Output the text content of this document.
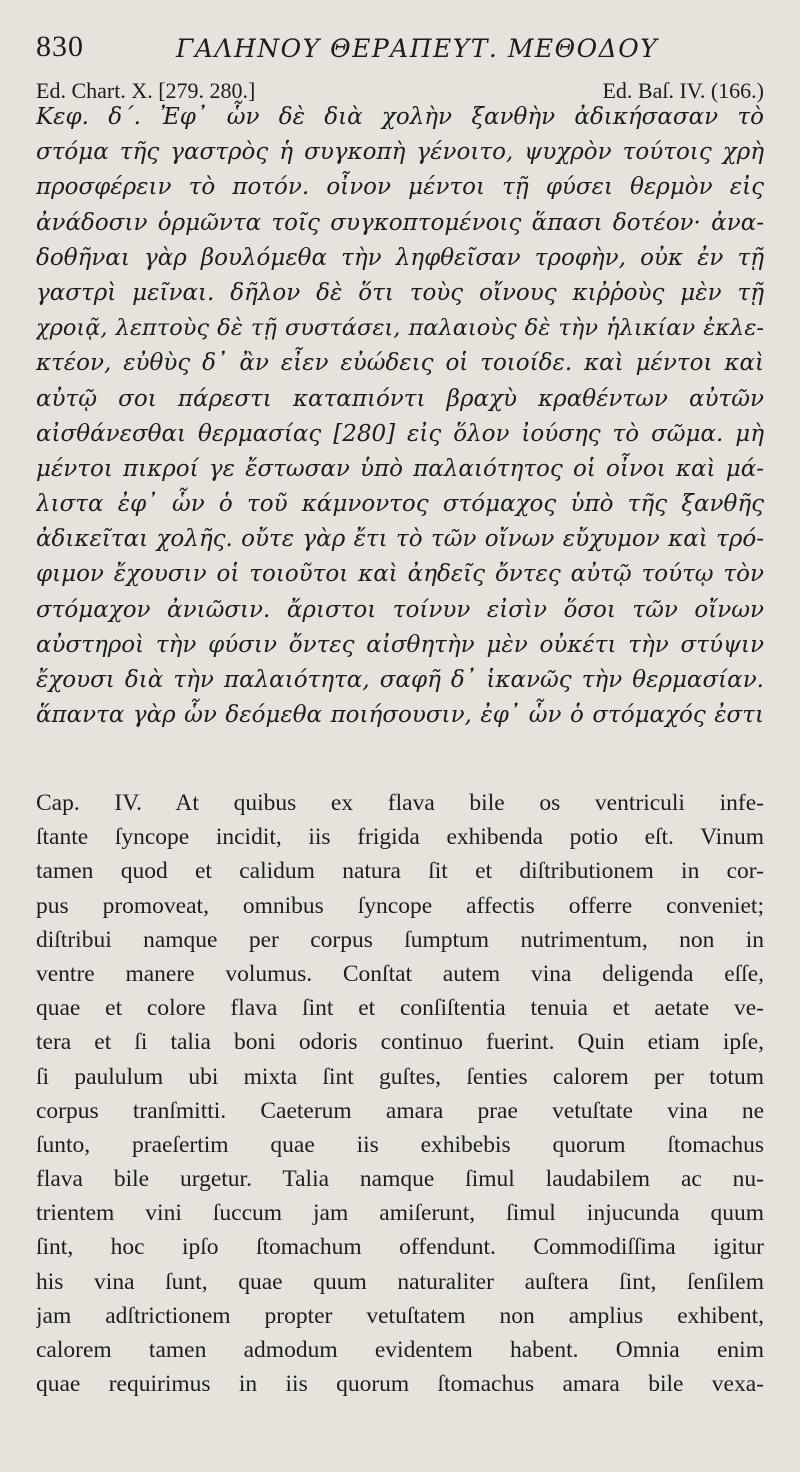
830	ΓΑΛΗΝΟΥ ΘΕΡΑΠΕΥΤ. ΜΕΘΟΔΟΥ
Ed. Chart. X. [279. 280.]	Ed. Baſ. IV. (166.)
Κεφ. δ΄. Ἐφ᾽ ὧν δὲ διὰ χολὴν ξανθὴν ἀδικήσασαν τὸ
στόμα τῆς γαστρὸς ἡ συγκοπὴ γένοιτο, ψυχρὸν τούτοις χρὴ
προσφέρειν τὸ ποτόν. οἶνον μέντοι τῇ φύσει θερμὸν εἰς
ἀνάδοσιν ὁρμῶντα τοῖς συγκοπτομένοις ἅπασι δοτέον· ἀνα-
δοθῆναι γὰρ βουλόμεθα τὴν ληφθεῖσαν τροφὴν, οὐκ ἐν τῇ
γαστρὶ μεῖναι. δῆλον δὲ ὅτι τοὺς οἴνους κιῤῥοὺς μὲν τῇ
χροιᾷ, λεπτοὺς δὲ τῇ συστάσει, παλαιοὺς δὲ τὴν ἡλικίαν ἐκλε-
κτέον, εὐθὺς δ᾽ ἂν εἶεν εὐώδεις οἱ τοιοίδε. καὶ μέντοι καὶ
αὐτῷ σοι πάρεστι καταπιόντι βραχὺ κραθέντων αὐτῶν
αἰσθάνεσθαι θερμασίας [280] εἰς ὅλον ἰούσης τὸ σῶμα. μὴ
μέντοι πικροί γε ἔστωσαν ὑπὸ παλαιότητος οἱ οἶνοι καὶ μά-
λιστα ἐφ᾽ ὧν ὁ τοῦ κάμνοντος στόμαχος ὑπὸ τῆς ξανθῆς
ἀδικεῖται χολῆς. οὔτε γὰρ ἔτι τὸ τῶν οἴνων εὔχυμον καὶ τρό-
φιμον ἔχουσιν οἱ τοιοῦτοι καὶ ἀηδεῖς ὄντες αὐτῷ τούτῳ τὸν
στόμαχον ἀνιῶσιν. ἄριστοι τοίνυν εἰσὶν ὅσοι τῶν οἴνων
αὐστηροὶ τὴν φύσιν ὄντες αἰσθητὴν μὲν οὐκέτι τὴν στύψιν
ἔχουσι διὰ τὴν παλαιότητα, σαφῆ δ᾽ ἱκανῶς τὴν θερμασίαν.
ἅπαντα γὰρ ὧν δεόμεθα ποιήσουσιν, ἐφ᾽ ὧν ὁ στόμαχός ἐστι
Cap. IV. At quibus ex flava bile os ventriculi infe-
ſtante ſyncope incidit, iis frigida exhibenda potio eſt. Vinum
tamen quod et calidum natura ſit et diſtributionem in cor-
pus promoveat, omnibus ſyncope affectis offerre conveniet;
diſtribui namque per corpus ſumptum nutrimentum, non in
ventre manere volumus. Conſtat autem vina deligenda eſſe,
quae et colore flava ſint et conſiſtentia tenuia et aetate ve-
tera et ſi talia boni odoris continuo fuerint. Quin etiam ipſe,
ſi paululum ubi mixta ſint guſtes, ſenties calorem per totum
corpus tranſmitti. Caeterum amara prae vetuſtate vina ne
ſunto, praeſertim quae iis exhibebis quorum ſtomachus
flava bile urgetur. Talia namque ſimul laudabilem ac nu-
trientem vini ſuccum jam amiſerunt, ſimul injucunda quum
ſint, hoc ipſo ſtomachum offendunt. Commodiſſima igitur
his vina ſunt, quae quum naturaliter auſtera ſint, ſenſilem
jam adſtrictionem propter vetuſtatem non amplius exhibent,
calorem tamen admodum evidentem habent. Omnia enim
quae requirimus in iis quorum ſtomachus amara bile vexa-
